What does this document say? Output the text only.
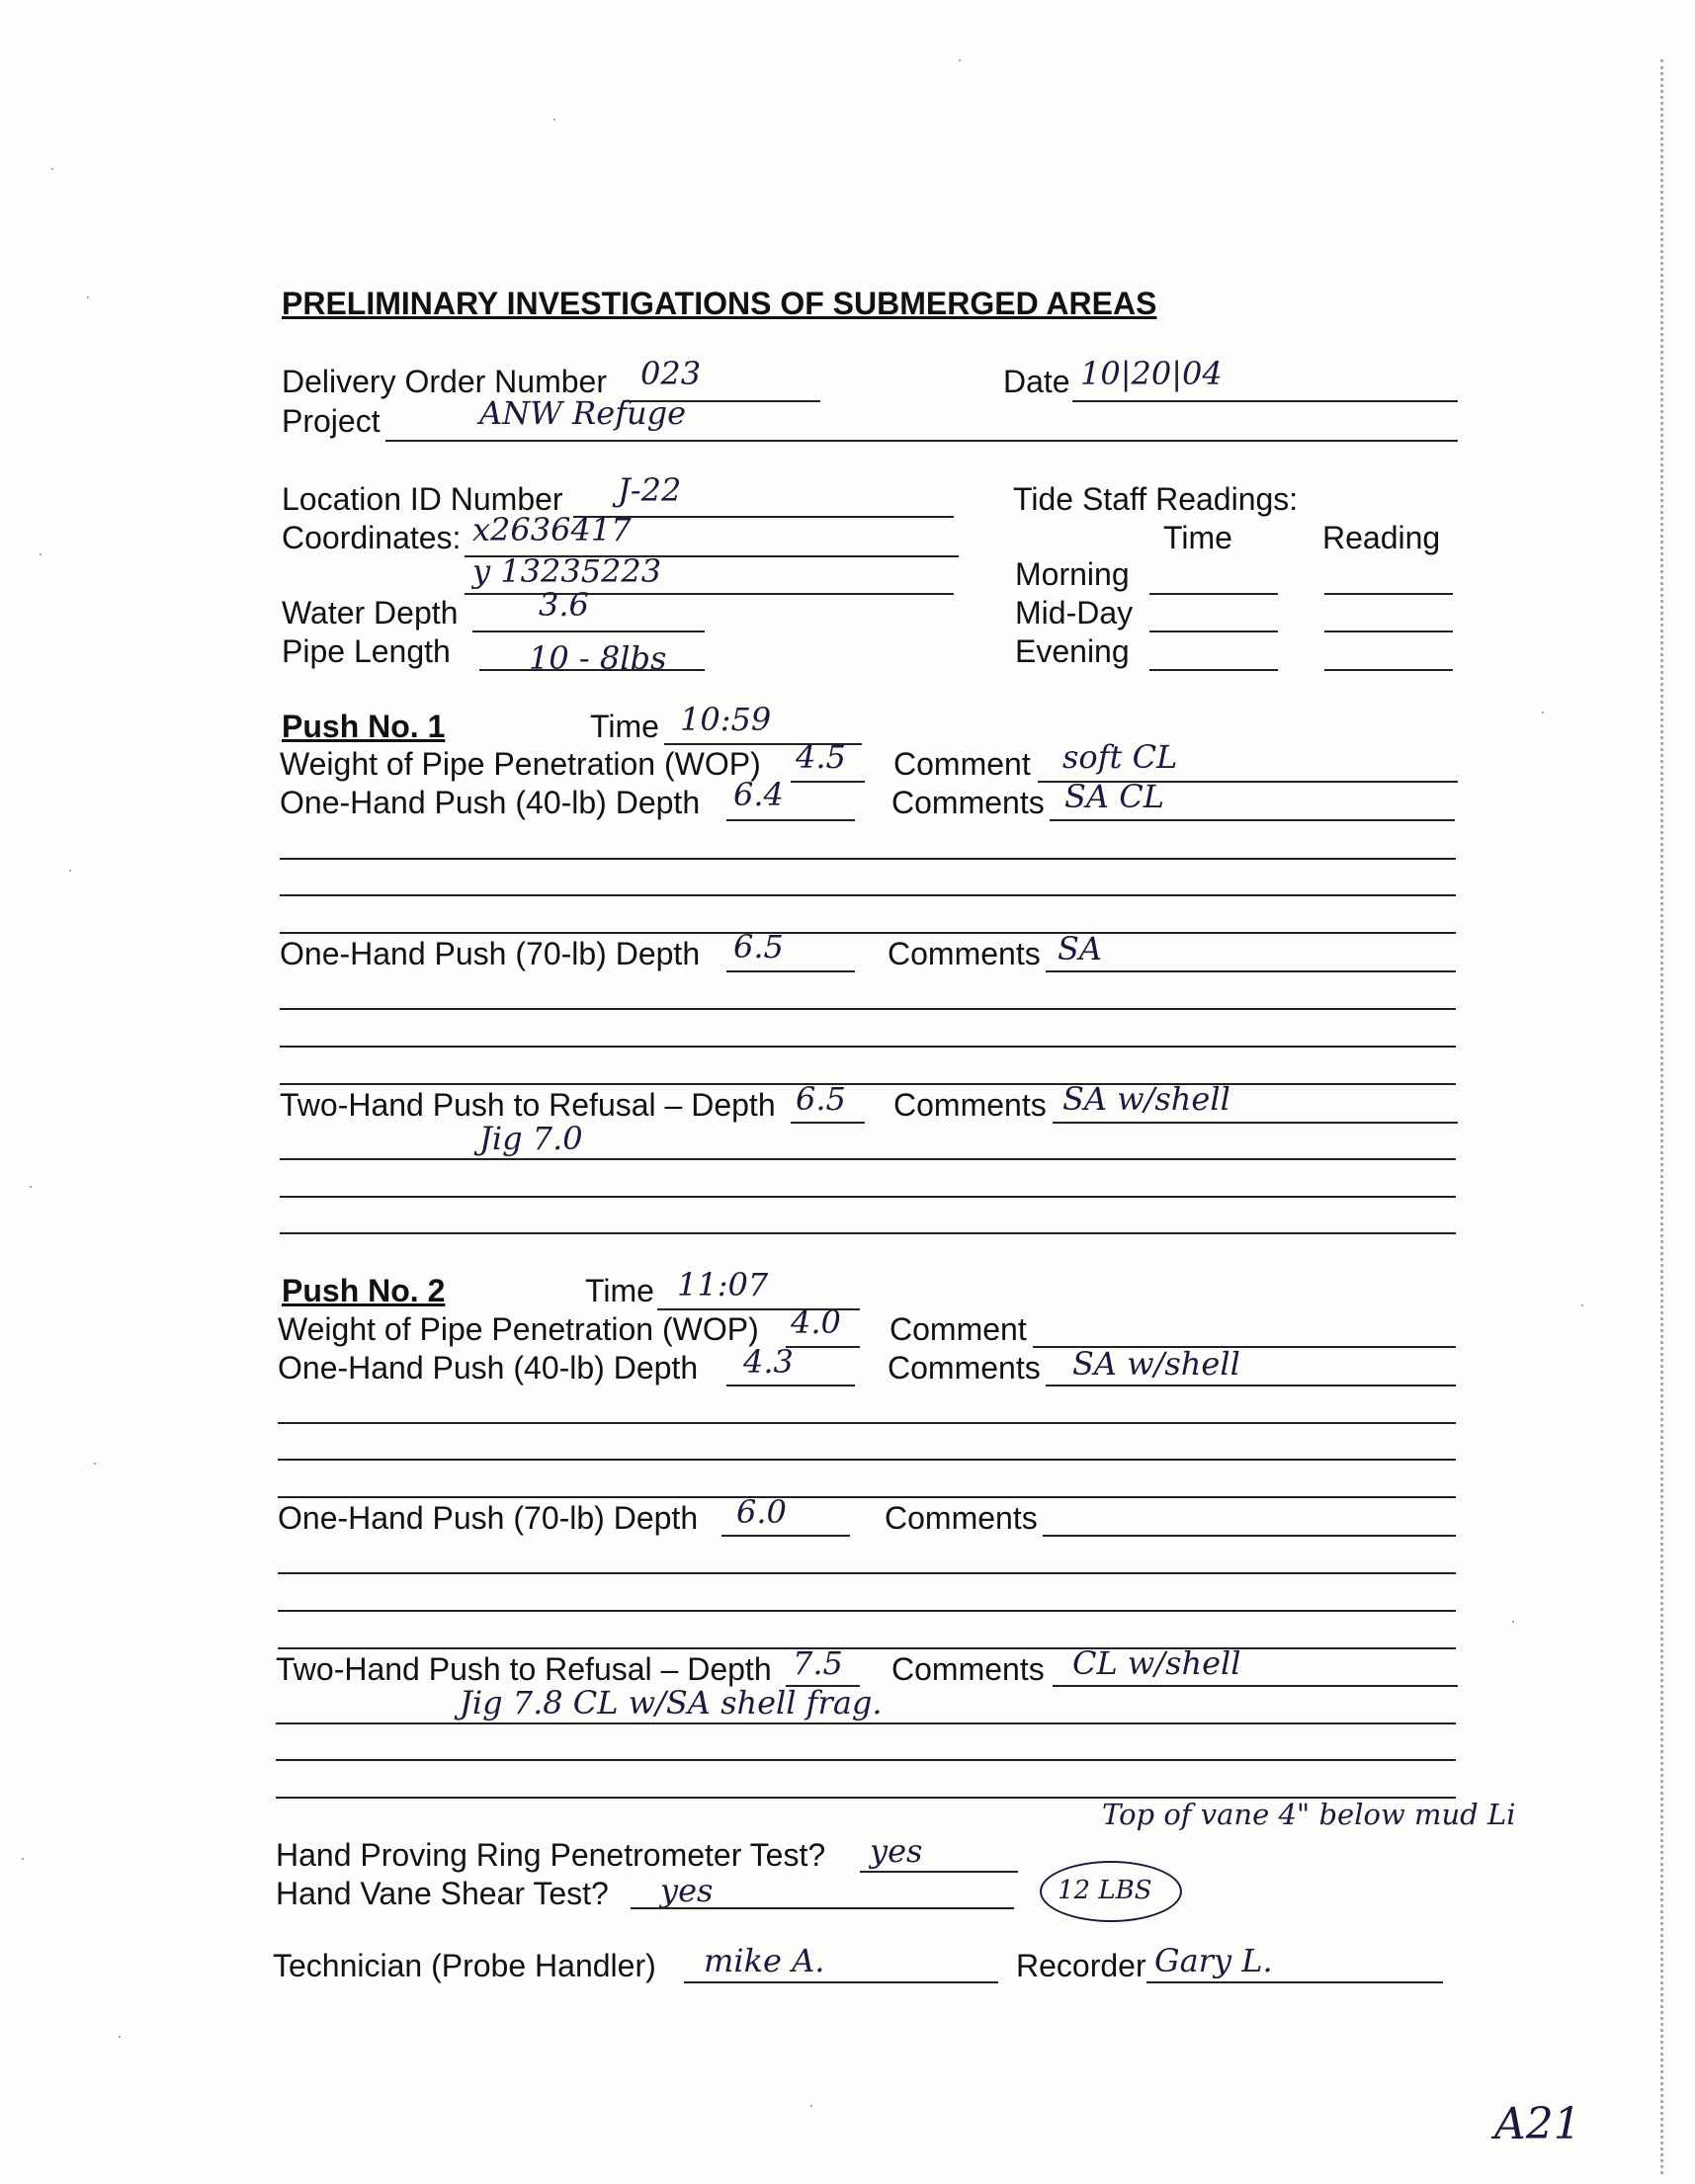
PRELIMINARY INVESTIGATIONS OF SUBMERGED AREAS
Delivery Order Number 023	Date 10|20|04
Project	ANW Refuge
Location ID Number J-22
Coordinates: x2636417
y 13235223
Water Depth	3.6
Pipe Length 10 - 8lbs
Tide Staff Readings:
Time	Reading
Morning
Mid-Day
Evening
Push No. 1	Time 10:59
Weight of Pipe Penetration (WOP) 4.5 Comment soft CL
One-Hand Push (40-lb) Depth 6.4	Comments SA CL
One-Hand Push (70-lb) Depth 6.5	Comments SA
Two-Hand Push to Refusal – Depth 6.5 Comments SA w/shell
Jig 7.0
Push No. 2	Time 11:07
Weight of Pipe Penetration (WOP) 4.0 Comment
One-Hand Push (40-lb) Depth 4.3	Comments SA w/shell
One-Hand Push (70-lb) Depth 6.0	Comments
Two-Hand Push to Refusal – Depth 7.5 Comments CL w/shell
Jig 7.8 CL w/SA shell frag.
Top of vane 4" below mud Li
Hand Proving Ring Penetrometer Test? yes
Hand Vane Shear Test? yes	12 LBS
Technician (Probe Handler) mike A.	Recorder Gary L.
A21
